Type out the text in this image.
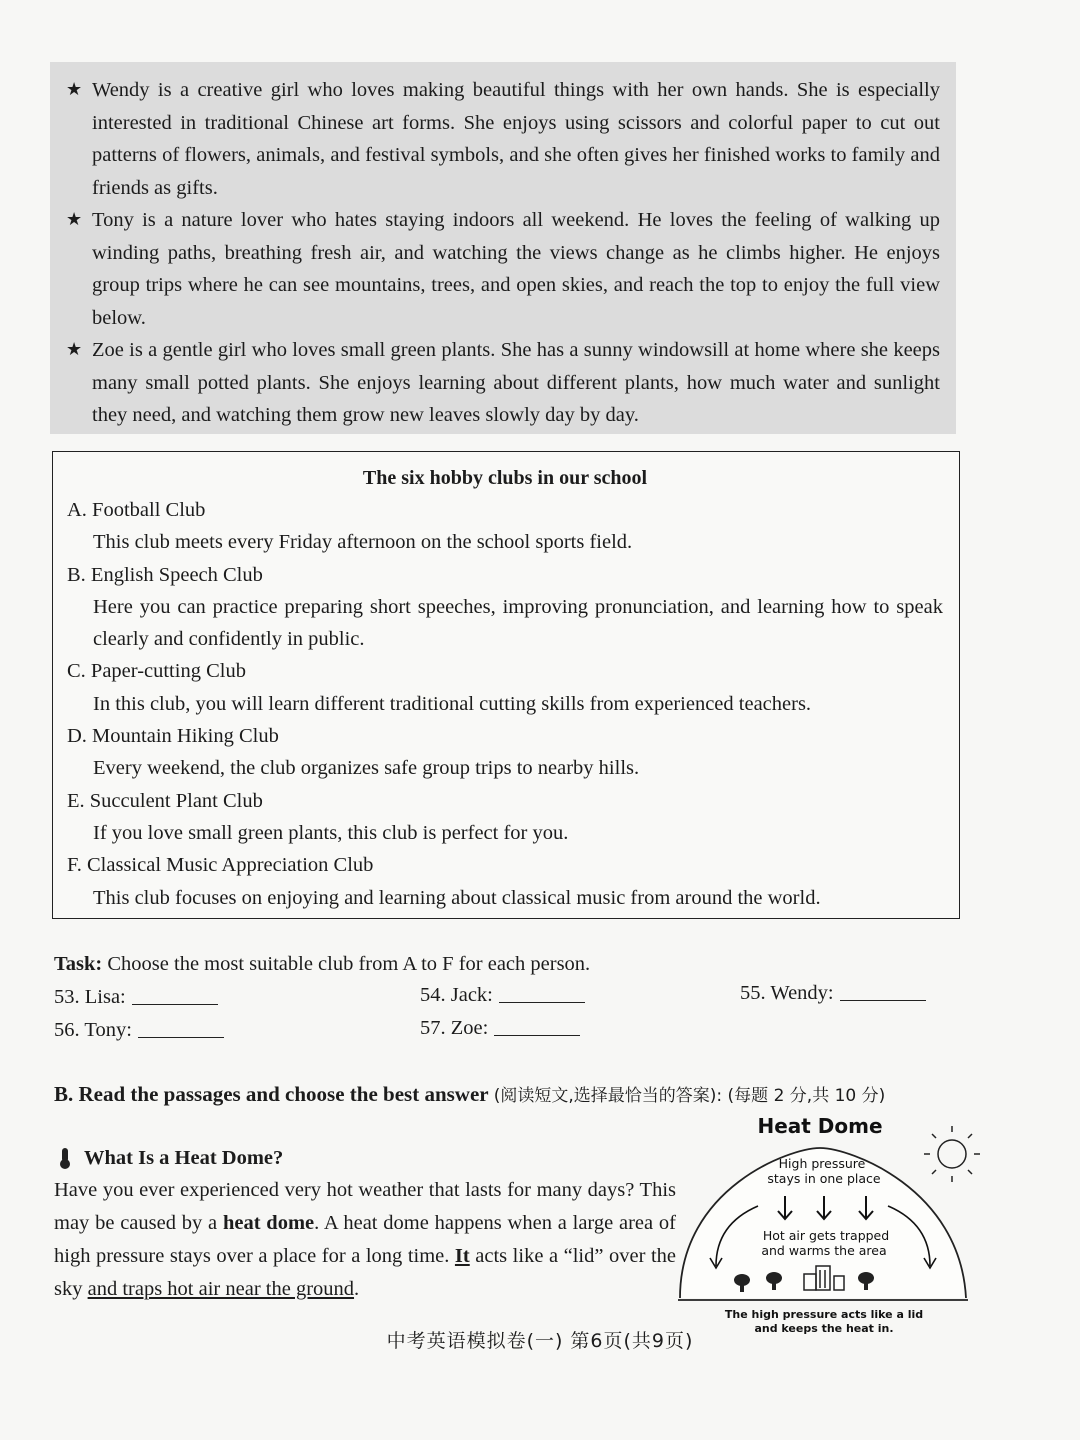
★ Wendy is a creative girl who loves making beautiful things with her own hands. She is especially interested in traditional Chinese art forms. She enjoys using scissors and colorful paper to cut out patterns of flowers, animals, and festival symbols, and she often gives her finished works to family and friends as gifts.
★ Tony is a nature lover who hates staying indoors all weekend. He loves the feeling of walking up winding paths, breathing fresh air, and watching the views change as he climbs higher. He enjoys group trips where he can see mountains, trees, and open skies, and reach the top to enjoy the full view below.
★ Zoe is a gentle girl who loves small green plants. She has a sunny windowsill at home where she keeps many small potted plants. She enjoys learning about different plants, how much water and sunlight they need, and watching them grow new leaves slowly day by day.
The six hobby clubs in our school
A. Football Club
This club meets every Friday afternoon on the school sports field.
B. English Speech Club
Here you can practice preparing short speeches, improving pronunciation, and learning how to speak clearly and confidently in public.
C. Paper-cutting Club
In this club, you will learn different traditional cutting skills from experienced teachers.
D. Mountain Hiking Club
Every weekend, the club organizes safe group trips to nearby hills.
E. Succulent Plant Club
If you love small green plants, this club is perfect for you.
F. Classical Music Appreciation Club
This club focuses on enjoying and learning about classical music from around the world.
Task: Choose the most suitable club from A to F for each person.
53. Lisa:	54. Jack:	55. Wendy:
56. Tony:	57. Zoe:
B. Read the passages and choose the best answer (阅读短文,选择最恰当的答案): (每题 2 分,共 10 分)
What Is a Heat Dome?
Have you ever experienced very hot weather that lasts for many days? This may be caused by a heat dome. A heat dome happens when a large area of high pressure stays over a place for a long time. It acts like a “lid” over the sky and traps hot air near the ground.
Heat Dome
High pressure
stays in one place
Hot air gets trapped
and warms the area
The high pressure acts like a lid
and keeps the heat in.
中考英语模拟卷(一) 第6页(共9页)
